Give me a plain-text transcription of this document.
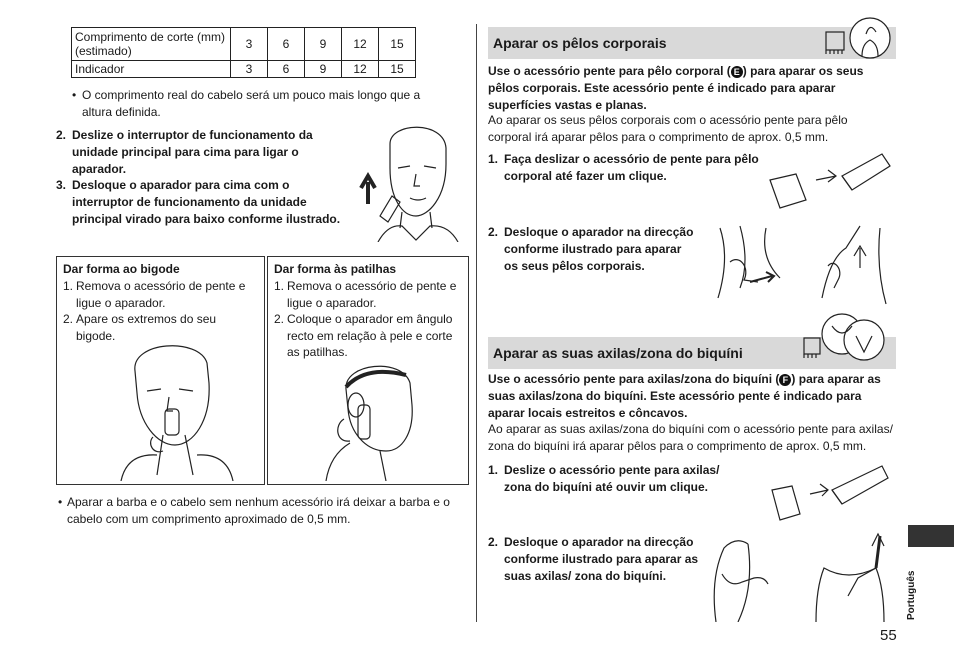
Comprimento de corte (mm) (estimado)	3	6	9	12	15
Indicador	3	6	9	12	15
• O comprimento real do cabelo será um pouco mais longo que a altura definida.
2. Deslize o interruptor de funcionamento da unidade principal para cima para ligar o aparador.
3. Desloque o aparador para cima com o interruptor de funcionamento da unidade principal virado para baixo conforme ilustrado.
Dar forma ao bigode
1. Remova o acessório de pente e ligue o aparador.
2. Apare os extremos do seu bigode.
Dar forma às patilhas
1. Remova o acessório de pente e ligue o aparador.
2. Coloque o aparador em ângulo recto em relação à pele e corte as patilhas.
• Aparar a barba e o cabelo sem nenhum acessório irá deixar a barba e o cabelo com um comprimento aproximado de 0,5 mm.
Aparar os pêlos corporais
Use o acessório pente para pêlo corporal ( E ) para aparar os seus pêlos corporais. Este acessório pente é indicado para aparar superfícies vastas e planas.
Ao aparar os seus pêlos corporais com o acessório pente para pêlo corporal irá aparar pêlos para o comprimento de aprox. 0,5 mm.
1. Faça deslizar o acessório de pente para pêlo corporal até fazer um clique.
2. Desloque o aparador na direcção conforme ilustrado para aparar os seus pêlos corporais.
Aparar as suas axilas/zona do biquíni
Use o acessório pente para axilas/zona do biquíni ( F ) para aparar as suas axilas/zona do biquíni. Este acessório pente é indicado para aparar locais estreitos e côncavos.
Ao aparar as suas axilas/zona do biquíni com o acessório pente para axilas/ zona do biquíni irá aparar pêlos para o comprimento de aprox. 0,5 mm.
1. Deslize o acessório pente para axilas/ zona do biquíni até ouvir um clique.
2. Desloque o aparador na direcção conforme ilustrado para aparar as suas axilas/ zona do biquíni.	Português
55
